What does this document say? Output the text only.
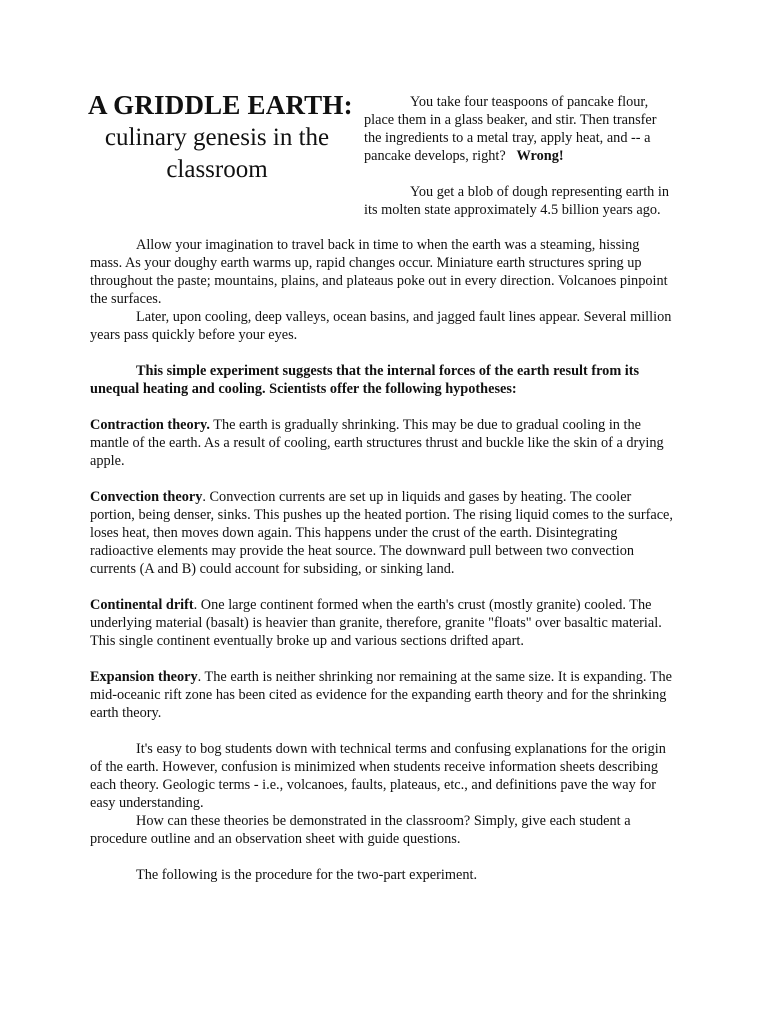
A GRIDDLE EARTH:
culinary genesis in the
classroom

You take four teaspoons of pancake flour, place them in a glass beaker, and stir. Then transfer the ingredients to a metal tray, apply heat, and -- a pancake develops, right? Wrong!

You get a blob of dough representing earth in its molten state approximately 4.5 billion years ago.

Allow your imagination to travel back in time to when the earth was a steaming, hissing mass. As your doughy earth warms up, rapid changes occur. Miniature earth structures spring up throughout the paste; mountains, plains, and plateaus poke out in every direction. Volcanoes pinpoint the surfaces.

Later, upon cooling, deep valleys, ocean basins, and jagged fault lines appear. Several million years pass quickly before your eyes.

This simple experiment suggests that the internal forces of the earth result from its unequal heating and cooling. Scientists offer the following hypotheses:

Contraction theory. The earth is gradually shrinking. This may be due to gradual cooling in the mantle of the earth. As a result of cooling, earth structures thrust and buckle like the skin of a drying apple.

Convection theory. Convection currents are set up in liquids and gases by heating. The cooler portion, being denser, sinks. This pushes up the heated portion. The rising liquid comes to the surface, loses heat, then moves down again. This happens under the crust of the earth. Disintegrating radioactive elements may provide the heat source. The downward pull between two convection currents (A and B) could account for subsiding, or sinking land.

Continental drift. One large continent formed when the earth's crust (mostly granite) cooled. The underlying material (basalt) is heavier than granite, therefore, granite "floats" over basaltic material. This single continent eventually broke up and various sections drifted apart.

Expansion theory. The earth is neither shrinking nor remaining at the same size. It is expanding. The mid-oceanic rift zone has been cited as evidence for the expanding earth theory and for the shrinking earth theory.

It's easy to bog students down with technical terms and confusing explanations for the origin of the earth. However, confusion is minimized when students receive information sheets describing each theory. Geologic terms - i.e., volcanoes, faults, plateaus, etc., and definitions pave the way for easy understanding.

How can these theories be demonstrated in the classroom? Simply, give each student a procedure outline and an observation sheet with guide questions.

The following is the procedure for the two-part experiment.
